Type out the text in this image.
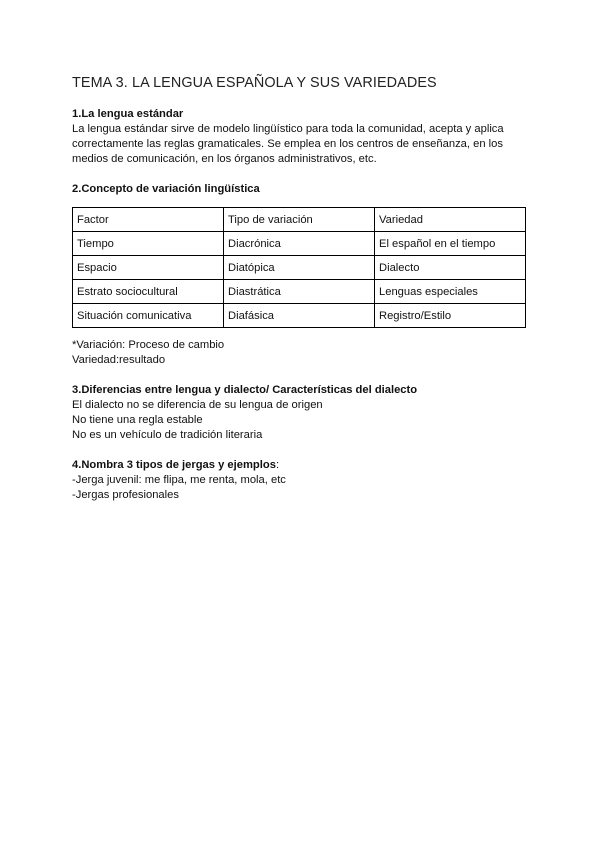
TEMA 3. LA LENGUA ESPAÑOLA Y SUS VARIEDADES

1.La lengua estándar

La lengua estándar sirve de modelo lingüístico para toda la comunidad, acepta y aplica
correctamente las reglas gramaticales. Se emplea en los centros de enseñanza, en los
medios de comunicación, en los órganos administrativos, etc.

2.Concepto de variación lingüística

Factor	Tipo de variación	Variedad
Tiempo	Diacrónica	El español en el tiempo
Espacio	Diatópica	Dialecto
Estrato sociocultural	Diastrática	Lenguas especiales
Situación comunicativa	Diafásica	Registro/Estilo
*Variación: Proceso de cambio
Variedad:resultado

3.Diferencias entre lengua y dialecto/ Características del dialecto

El dialecto no se diferencia de su lengua de origen
No tiene una regla estable
No es un vehículo de tradición literaria

4.Nombra 3 tipos de jergas y ejemplos:

-Jerga juvenil: me flipa, me renta, mola, etc
-Jergas profesionales
